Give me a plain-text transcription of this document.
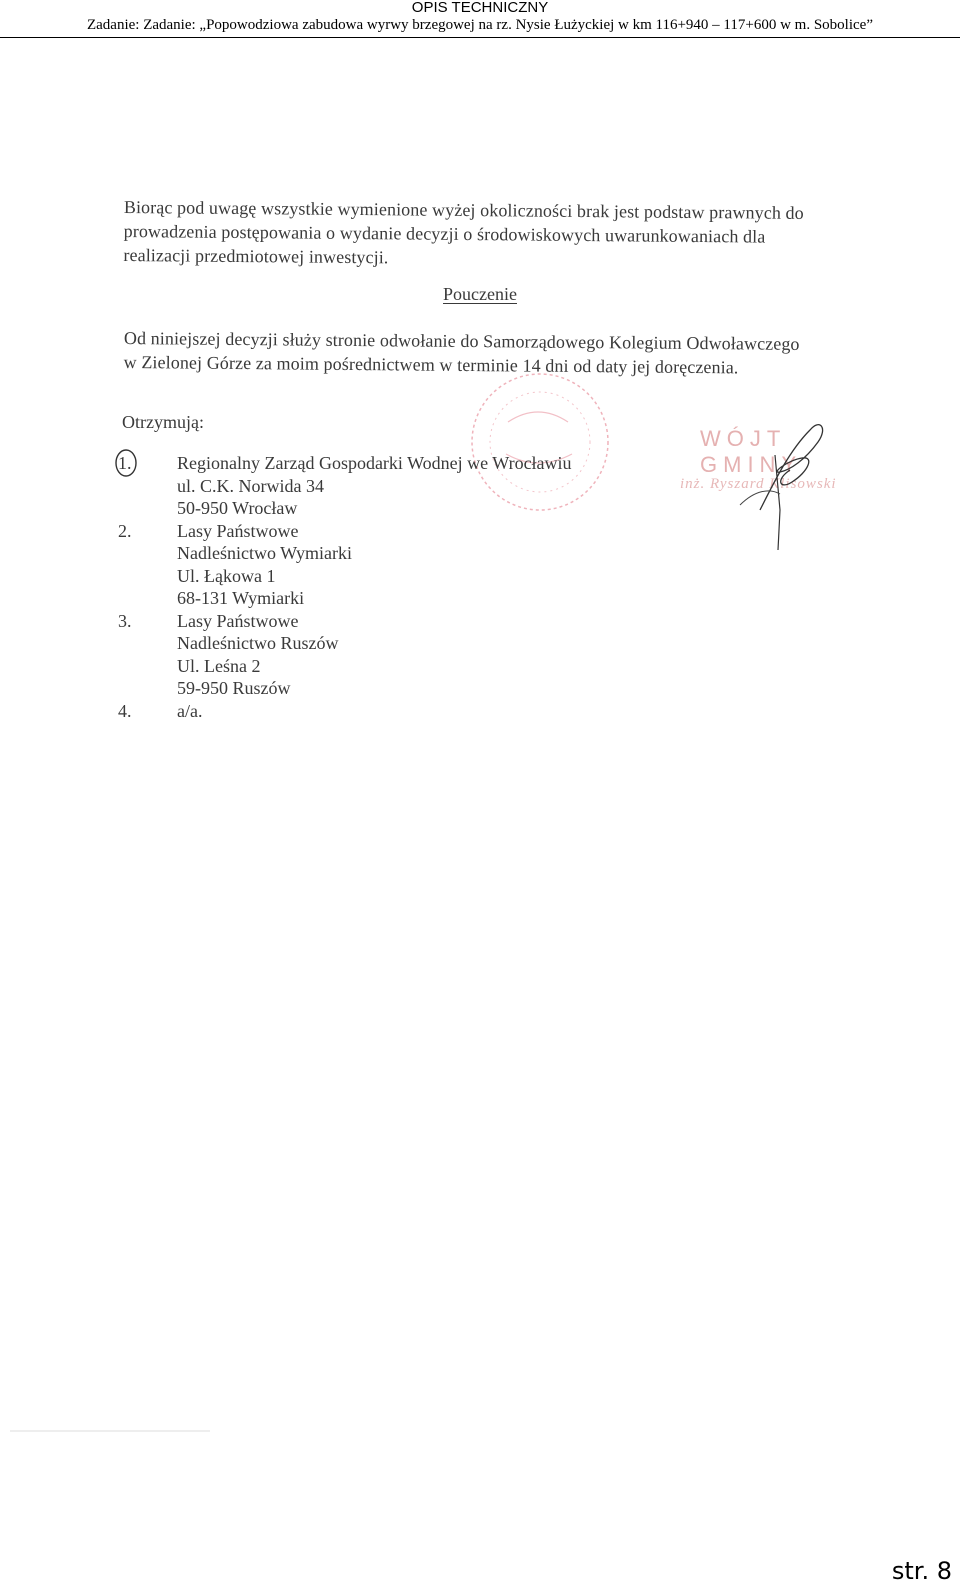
OPIS TECHNICZNY
Zadanie: Zadanie: „Popowodziowa zabudowa wyrwy brzegowej na rz. Nysie Łużyckiej w km 116+940 – 117+600 w m. Sobolice”
Biorąc pod uwagę wszystkie wymienione wyżej okoliczności brak jest podstaw prawnych do
prowadzenia postępowania o wydanie decyzji o środowiskowych uwarunkowaniach dla
realizacji przedmiotowej inwestycji.
Pouczenie
Od niniejszej decyzji służy stronie odwołanie do Samorządowego Kolegium Odwoławczego
w Zielonej Górze za moim pośrednictwem w terminie 14 dni od daty jej doręczenia.
Otrzymują:
1.	Regionalny Zarząd Gospodarki Wodnej we Wrocławiu
ul. C.K. Norwida 34
50-950 Wrocław
2.	Lasy Państwowe
Nadleśnictwo Wymiarki
Ul. Łąkowa 1
68-131 Wymiarki
3.	Lasy Państwowe
Nadleśnictwo Ruszów
Ul. Leśna 2
59-950 Ruszów
4.	a/a.
WÓJT GMINY
inż. Ryszard Klisowski
str. 8
